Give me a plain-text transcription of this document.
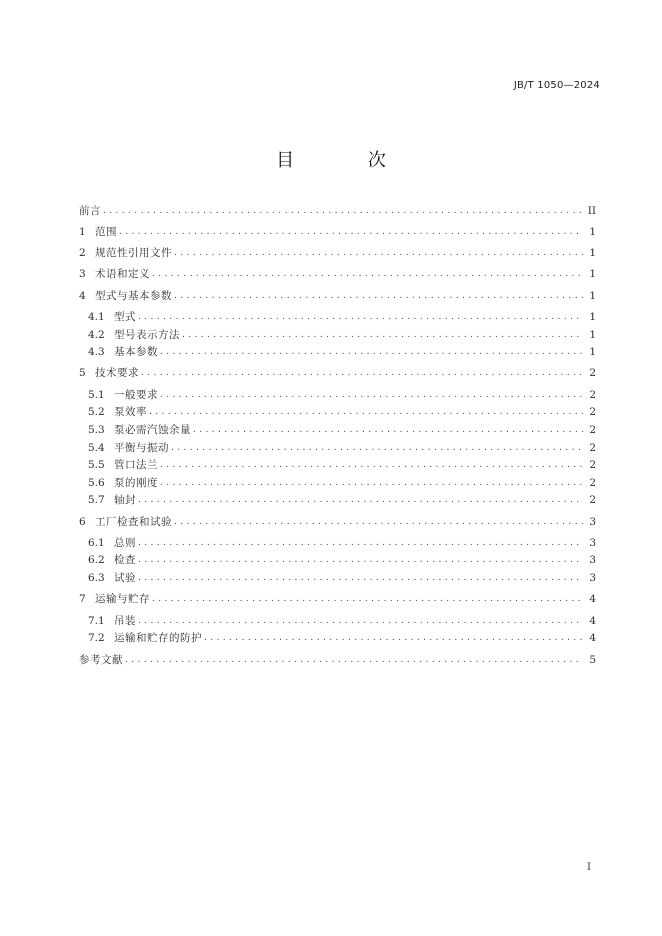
JB/T 1050—2024
目 次
前言 .....	II
1 范围 .....	1
2 规范性引用文件 .....	1
3 术语和定义 .....	1
4 型式与基本参数 .....	1
4.1 型式 .....	1
4.2 型号表示方法 .....	1
4.3 基本参数 .....	1
5 技术要求 .....	2
5.1 一般要求 .....	2
5.2 泵效率 .....	2
5.3 泵必需汽蚀余量 .....	2
5.4 平衡与振动 .....	2
5.5 管口法兰 .....	2
5.6 泵的刚度 .....	2
5.7 轴封 .....	2
6 工厂检查和试验 .....	3
6.1 总则 .....	3
6.2 检查 .....	3
6.3 试验 .....	3
7 运输与贮存 .....	4
7.1 吊装 .....	4
7.2 运输和贮存的防护 .....	4
参考文献 .....	5
I
